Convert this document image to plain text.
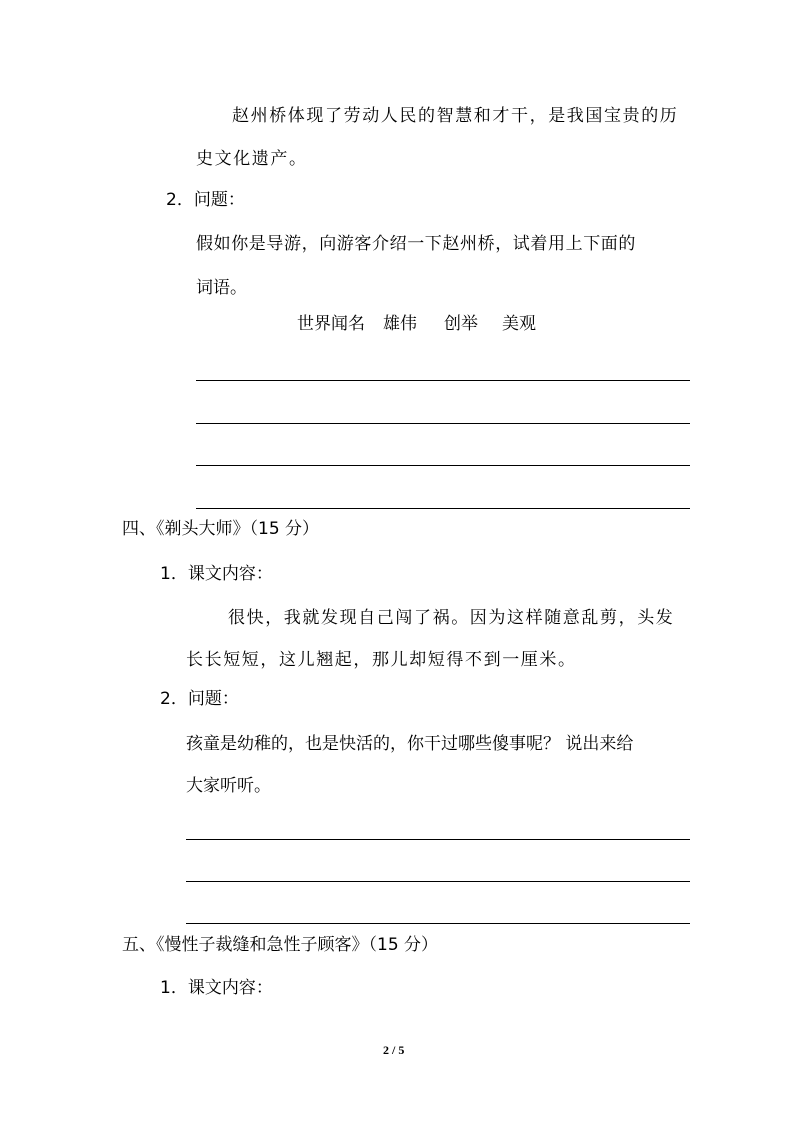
赵州桥体现了劳动人民的智慧和才干，是我国宝贵的历
史文化遗产。
2．问题：
假如你是导游，向游客介绍一下赵州桥，试着用上下面的
词语。
世界闻名 雄伟 创举 美观
四、《剃头大师》（15 分）
1．课文内容：
很快，我就发现自己闯了祸。因为这样随意乱剪，头发
长长短短，这儿翘起，那儿却短得不到一厘米。
2．问题：
孩童是幼稚的，也是快活的，你干过哪些傻事呢？ 说出来给
大家听听。
五、《慢性子裁缝和急性子顾客》（15 分）
1．课文内容：
2 / 5
